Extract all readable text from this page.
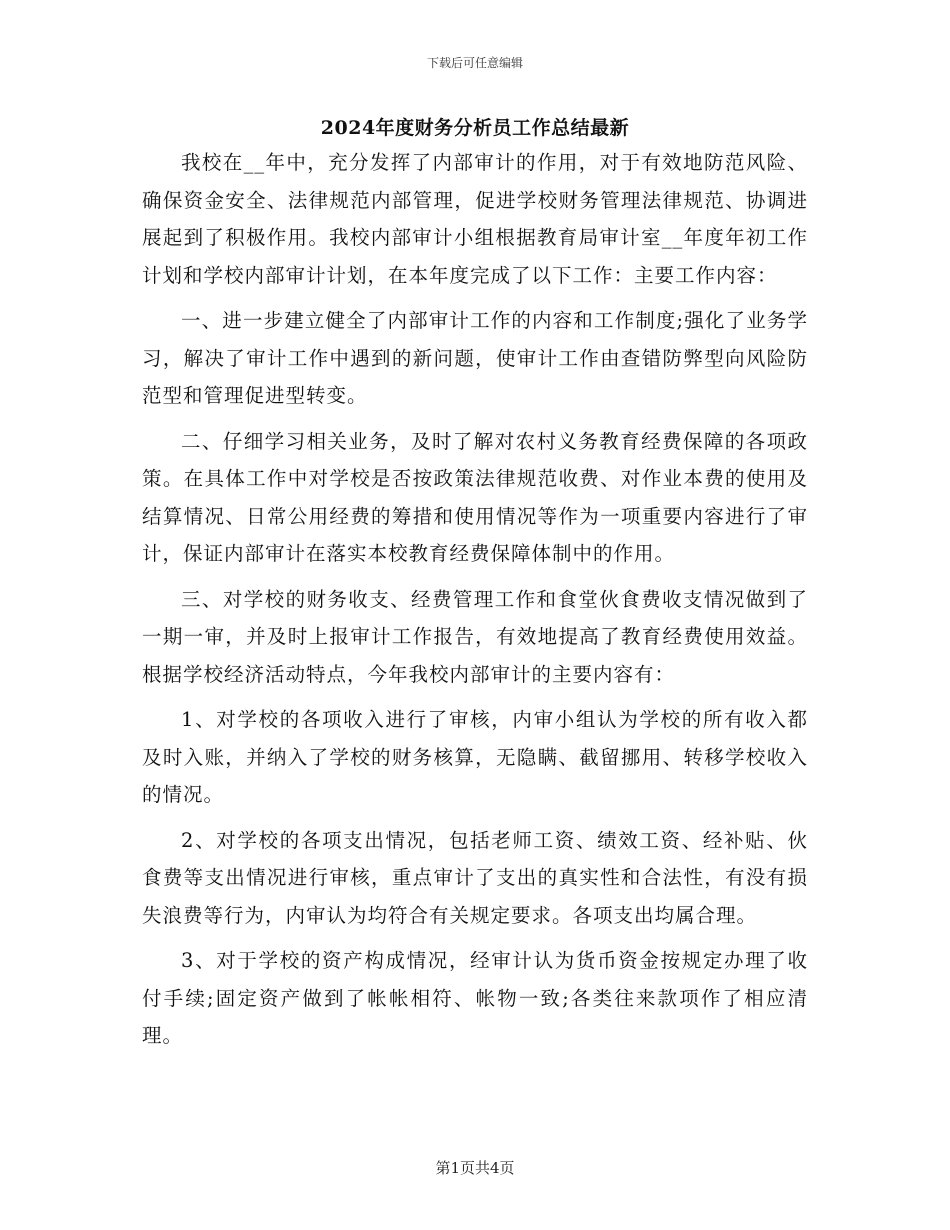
下载后可任意编辑
2024年度财务分析员工作总结最新

我校在__年中，充分发挥了内部审计的作用，对于有效地防范风险、确保资金安全、法律规范内部管理，促进学校财务管理法律规范、协调进展起到了积极作用。我校内部审计小组根据教育局审计室__年度年初工作计划和学校内部审计计划，在本年度完成了以下工作：主要工作内容：

一、进一步建立健全了内部审计工作的内容和工作制度;强化了业务学习，解决了审计工作中遇到的新问题，使审计工作由查错防弊型向风险防范型和管理促进型转变。

二、仔细学习相关业务，及时了解对农村义务教育经费保障的各项政策。在具体工作中对学校是否按政策法律规范收费、对作业本费的使用及结算情况、日常公用经费的筹措和使用情况等作为一项重要内容进行了审计，保证内部审计在落实本校教育经费保障体制中的作用。

三、对学校的财务收支、经费管理工作和食堂伙食费收支情况做到了一期一审，并及时上报审计工作报告，有效地提高了教育经费使用效益。根据学校经济活动特点，今年我校内部审计的主要内容有：

1、对学校的各项收入进行了审核，内审小组认为学校的所有收入都及时入账，并纳入了学校的财务核算，无隐瞒、截留挪用、转移学校收入的情况。

2、对学校的各项支出情况，包括老师工资、绩效工资、经补贴、伙食费等支出情况进行审核，重点审计了支出的真实性和合法性，有没有损失浪费等行为，内审认为均符合有关规定要求。各项支出均属合理。

3、对于学校的资产构成情况，经审计认为货币资金按规定办理了收付手续;固定资产做到了帐帐相符、帐物一致;各类往来款项作了相应清理。

第1页共4页
